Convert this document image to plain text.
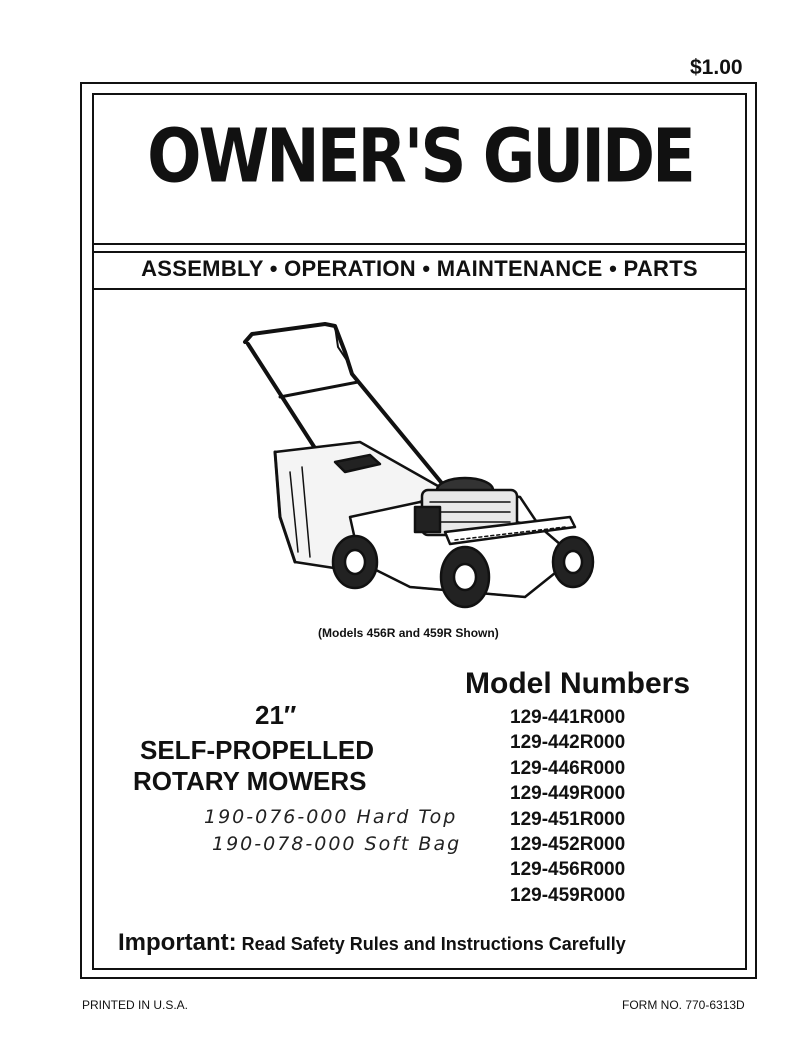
$1.00
OWNER'S GUIDE
ASSEMBLY • OPERATION • MAINTENANCE • PARTS
(Models 456R and 459R Shown)
Model Numbers
129-441R000
129-442R000
129-446R000
129-449R000
129-451R000
129-452R000
129-456R000
129-459R000
21″
SELF-PROPELLED
ROTARY MOWERS
190-076-000 Hard Top
190-078-000 Soft Bag
Important: Read Safety Rules and Instructions Carefully
PRINTED IN U.S.A.	FORM NO. 770-6313D
